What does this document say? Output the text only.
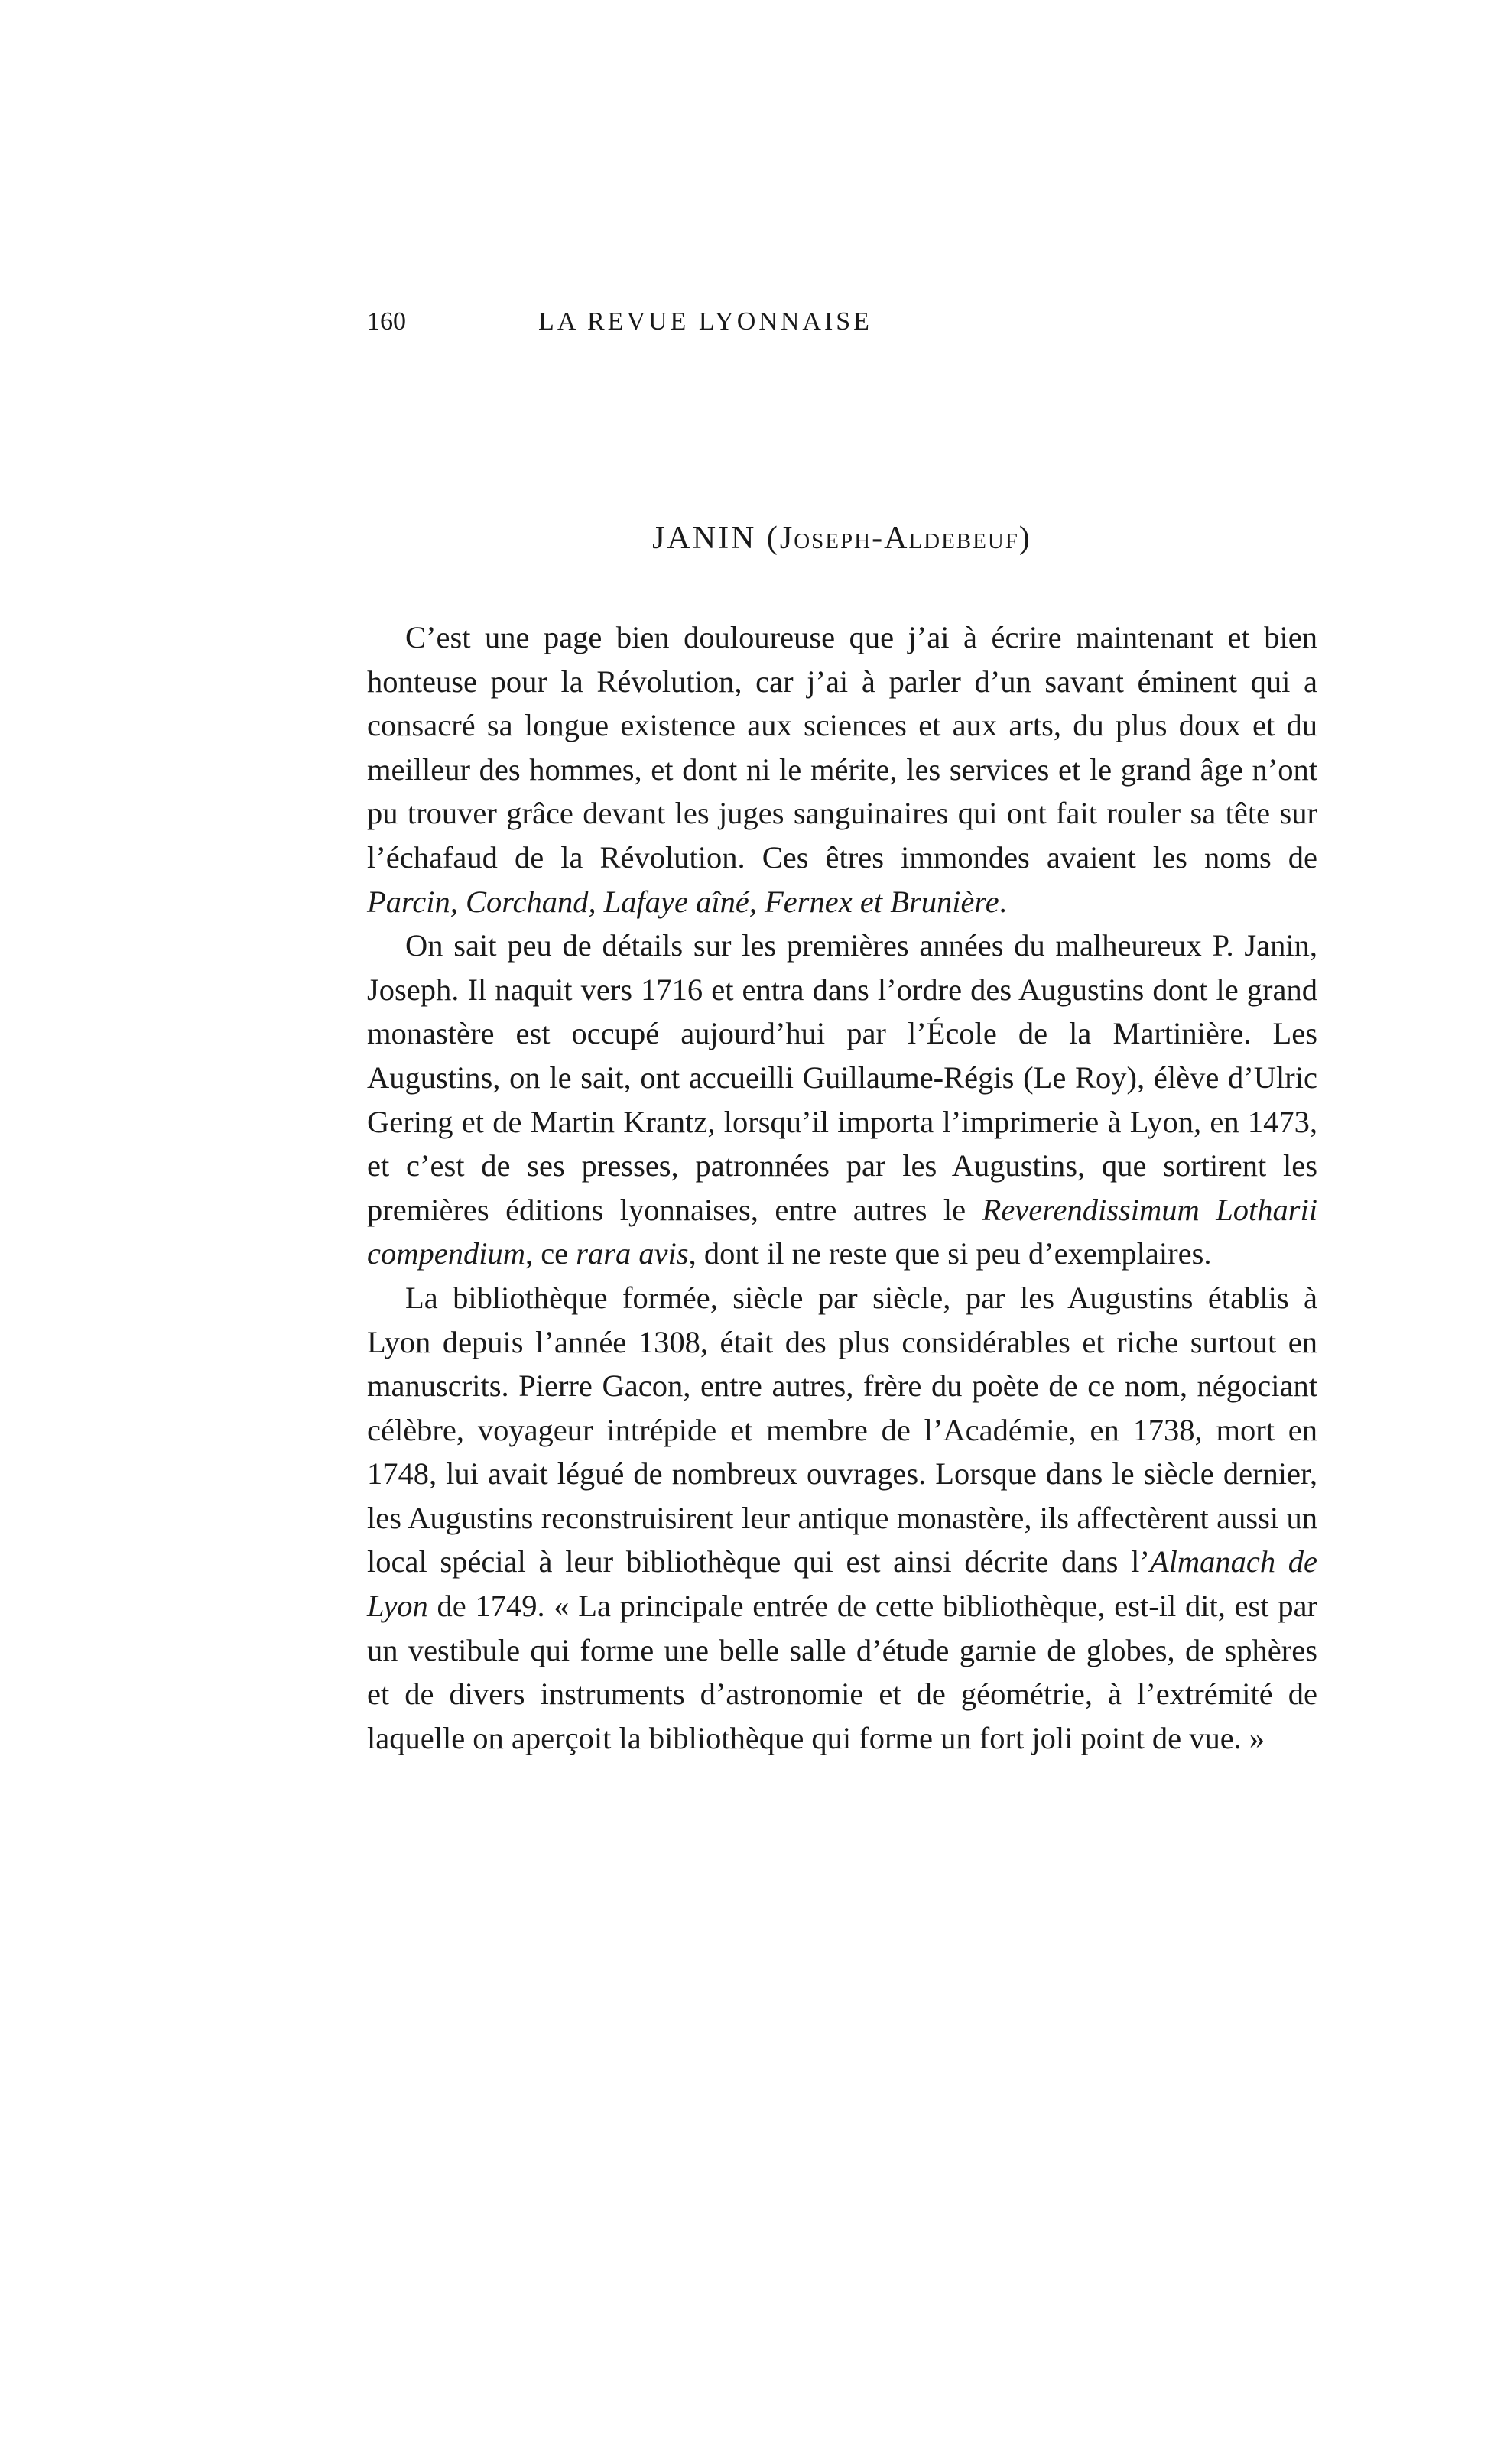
160	LA REVUE LYONNAISE
JANIN (Joseph-Aldebeuf)

C’est une page bien douloureuse que j’ai à écrire maintenant et bien honteuse pour la Révolution, car j’ai à parler d’un savant éminent qui a consacré sa longue existence aux sciences et aux arts, du plus doux et du meilleur des hommes, et dont ni le mérite, les services et le grand âge n’ont pu trouver grâce devant les juges sanguinaires qui ont fait rouler sa tête sur l’échafaud de la Révolution. Ces êtres immondes avaient les noms de Parcin, Corchand, Lafaye aîné, Fernex et Brunière.

On sait peu de détails sur les premières années du malheureux P. Janin, Joseph. Il naquit vers 1716 et entra dans l’ordre des Augustins dont le grand monastère est occupé aujourd’hui par l’École de la Martinière. Les Augustins, on le sait, ont accueilli Guillaume-Régis (Le Roy), élève d’Ulric Gering et de Martin Krantz, lorsqu’il importa l’imprimerie à Lyon, en 1473, et c’est de ses presses, patronnées par les Augustins, que sortirent les premières éditions lyonnaises, entre autres le Reverendissimum Lotharii compendium, ce rara avis, dont il ne reste que si peu d’exemplaires.

La bibliothèque formée, siècle par siècle, par les Augustins établis à Lyon depuis l’année 1308, était des plus considérables et riche surtout en manuscrits. Pierre Gacon, entre autres, frère du poète de ce nom, négociant célèbre, voyageur intrépide et membre de l’Académie, en 1738, mort en 1748, lui avait légué de nombreux ouvrages. Lorsque dans le siècle dernier, les Augustins reconstruisirent leur antique monastère, ils affectèrent aussi un local spécial à leur bibliothèque qui est ainsi décrite dans l’Almanach de Lyon de 1749. « La principale entrée de cette bibliothèque, est-il dit, est par un vestibule qui forme une belle salle d’étude garnie de globes, de sphères et de divers instruments d’astronomie et de géométrie, à l’extrémité de laquelle on aperçoit la bibliothèque qui forme un fort joli point de vue. »
